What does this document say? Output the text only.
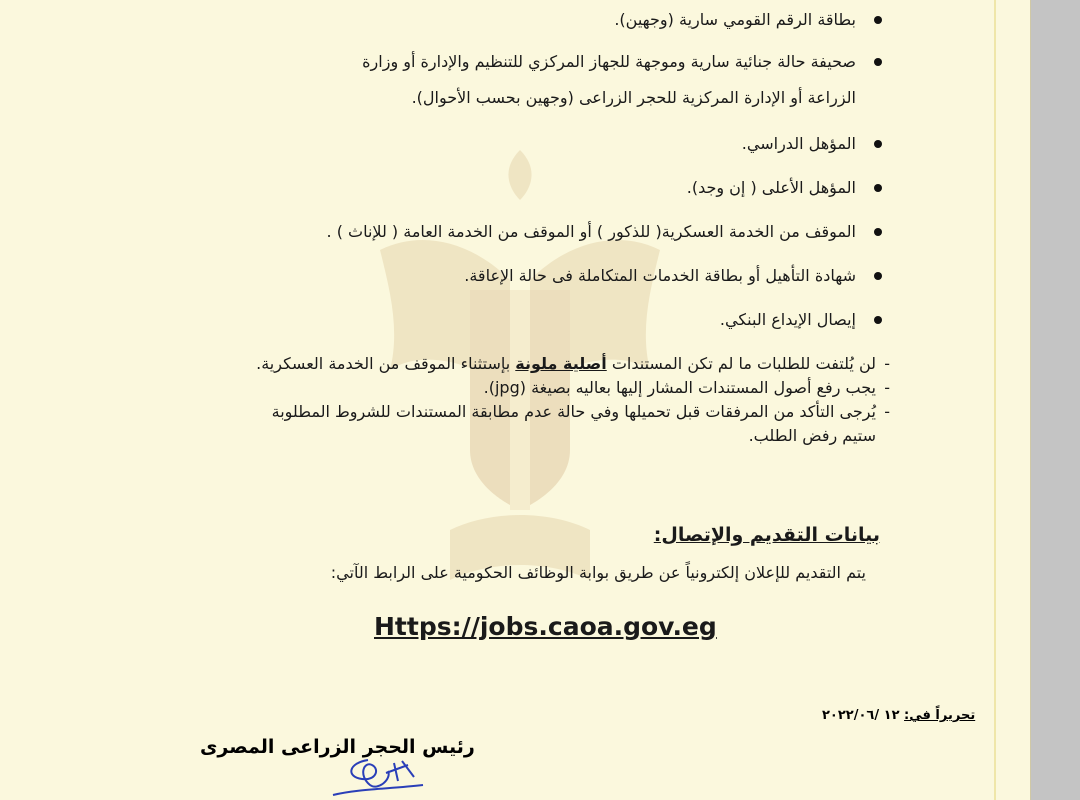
بطاقة الرقم القومي سارية (وجهين).
صحيفة حالة جنائية سارية وموجهة للجهاز المركزي للتنظيم والإدارة أو وزارة
الزراعة أو الإدارة المركزية للحجر الزراعى (وجهين بحسب الأحوال).
المؤهل الدراسي.
المؤهل الأعلى ( إن وجد).
الموقف من الخدمة العسكرية( للذكور ) أو الموقف من الخدمة العامة ( للإناث ) .
شهادة التأهيل أو بطاقة الخدمات المتكاملة فى حالة الإعاقة.
إيصال الإيداع البنكي.

-
لن يُلتفت للطلبات ما لم تكن المستندات أصلية ملونة بإستثناء الموقف من الخدمة العسكرية.

-
يجب رفع أصول المستندات المشار إليها بعاليه بصيغة (jpg).

-
يُرجى التأكد من المرفقات قبل تحميلها وفي حالة عدم مطابقة المستندات للشروط المطلوبة ستيم رفض الطلب.

بيانات التقديم والإتصال:
يتم التقديم للإعلان إلكترونياً عن طريق بوابة الوظائف الحكومية على الرابط الآتي:
Https://jobs.caoa.gov.eg
تحريراً في: ١٢ /٢٠٢٢/٠٦
رئيس الحجر الزراعى المصرى
